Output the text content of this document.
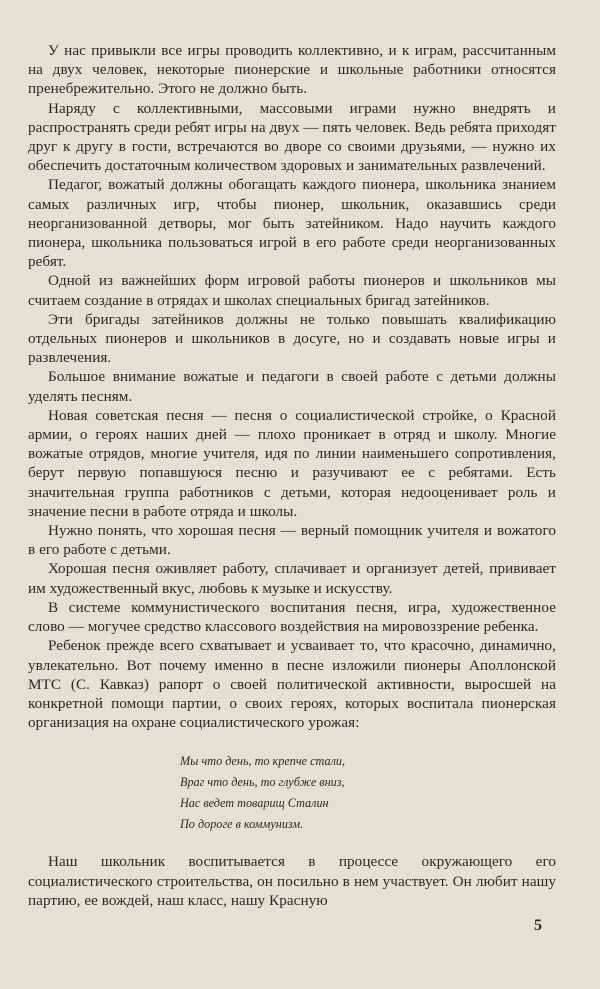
У нас привыкли все игры проводить коллективно, и к играм, рассчитанным на двух человек, некоторые пионерские и школьные работники относятся пренебрежительно. Этого не должно быть.

Наряду с коллективными, массовыми играми нужно внедрять и распространять среди ребят игры на двух — пять человек. Ведь ребята приходят друг к другу в гости, встречаются во дворе со своими друзьями, — нужно их обеспечить достаточным количеством здоровых и занимательных развлечений.

Педагог, вожатый должны обогащать каждого пионера, школьника знанием самых различных игр, чтобы пионер, школьник, оказавшись среди неорганизованной детворы, мог быть затейником. Надо научить каждого пионера, школьника пользоваться игрой в его работе среди неорганизованных ребят.

Одной из важнейших форм игровой работы пионеров и школьников мы считаем создание в отрядах и школах специальных бригад затейников.

Эти бригады затейников должны не только повышать квалификацию отдельных пионеров и школьников в досуге, но и создавать новые игры и развлечения.

Большое внимание вожатые и педагоги в своей работе с детьми должны уделять песням.

Новая советская песня — песня о социалистической стройке, о Красной армии, о героях наших дней — плохо проникает в отряд и школу. Многие вожатые отрядов, многие учителя, идя по линии наименьшего сопротивления, берут первую попавшуюся песню и разучивают ее с ребятами. Есть значительная группа работников с детьми, которая недооценивает роль и значение песни в работе отряда и школы.

Нужно понять, что хорошая песня — верный помощник учителя и вожатого в его работе с детьми.

Хорошая песня оживляет работу, сплачивает и организует детей, прививает им художественный вкус, любовь к музыке и искусству.

В системе коммунистического воспитания песня, игра, художественное слово — могучее средство классового воздействия на мировоззрение ребенка.

Ребенок прежде всего схватывает и усваивает то, что красочно, динамично, увлекательно. Вот почему именно в песне изложили пионеры Аполлонской МТС (С. Кавказ) рапорт о своей политической активности, выросшей на конкретной помощи партии, о своих героях, которых воспитала пионерская организация на охране социалистического урожая:

Мы что день, то крепче стали,
Враг что день, то глубже вниз,
Нас ведет товарищ Сталин
По дороге в коммунизм.

Наш школьник воспитывается в процессе окружающего его социалистического строительства, он посильно в нем участвует. Он любит нашу партию, ее вождей, наш класс, нашу Красную

5
